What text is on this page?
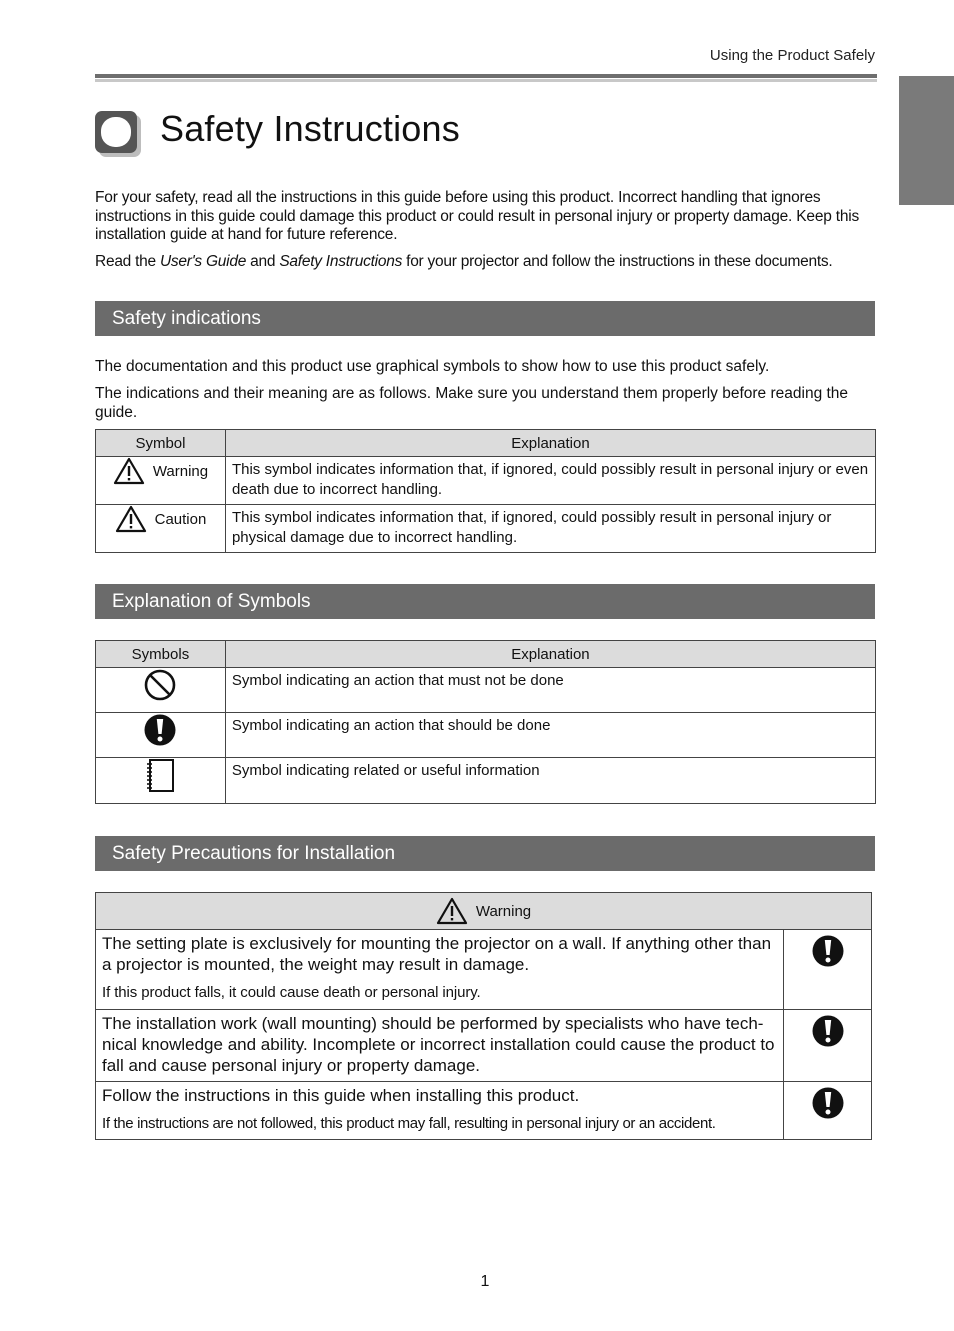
Using the Product Safely
Safety Instructions

For your safety, read all the instructions in this guide before using this product. Incorrect handling that ignores instructions in this guide could damage this product or could result in personal injury or property damage. Keep this installation guide at hand for future reference.

Read the User's Guide and Safety Instructions for your projector and follow the instructions in these documents.

Safety indications

The documentation and this product use graphical symbols to show how to use this product safely.

The indications and their meaning are as follows. Make sure you understand them properly before reading the guide.

Symbol	Explanation

Warning	This symbol indicates information that, if ignored, could possibly result in personal injury or even death due to incorrect handling.

Caution	This symbol indicates information that, if ignored, could possibly result in personal injury or physical damage due to incorrect handling.
Explanation of Symbols
Symbols	Explanation

Symbol indicating an action that must not be done

Symbol indicating an action that should be done

Symbol indicating related or useful information
Safety Precautions for Installation
Warning	

The setting plate is exclusively for mounting the projector on a wall. If anything other than a projector is mounted, the weight may result in damage.
If this product falls, it could cause death or personal injury.

The installation work (wall mounting) should be performed by specialists who have tech-nical knowledge and ability. Incomplete or incorrect installation could cause the product to fall and cause personal injury or property damage.

Follow the instructions in this guide when installing this product.
If the instructions are not followed, this product may fall, resulting in personal injury or an accident.

1
